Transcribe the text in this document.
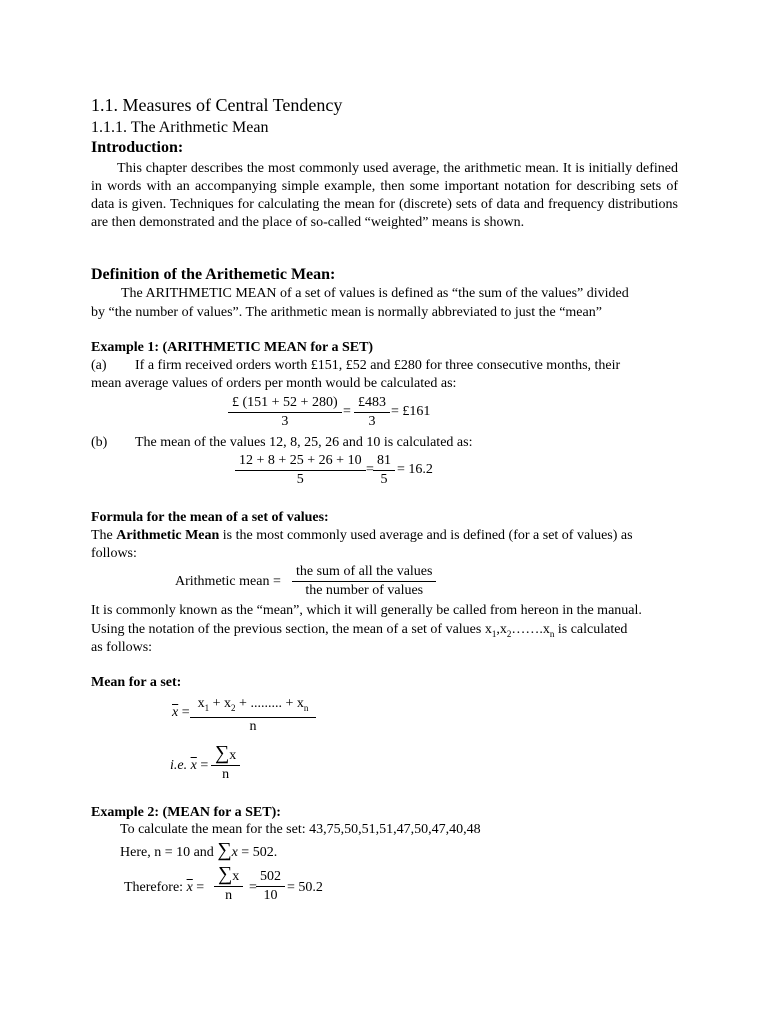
1.1. Measures of Central Tendency
1.1.1. The Arithmetic Mean
Introduction:
This chapter describes the most commonly used average, the arithmetic mean. It is initially defined in words with an accompanying simple example, then some important notation for describing sets of data is given. Techniques for calculating the mean for (discrete) sets of data and frequency distributions are then demonstrated and the place of so-called “weighted” means is shown.
Definition of the Arithemetic Mean:
The ARITHMETIC MEAN of a set of values is defined as “the sum of the values” divided
by “the number of values”. The arithmetic mean is normally abbreviated to just the “mean”
Example 1: (ARITHMETIC MEAN for a SET)
(a) If a firm received orders worth £151, £52 and £280 for three consecutive months, their
mean average values of orders per month would be calculated as:
$\frac{£ (151 + 52 + 280)}{3} = \frac{£483}{3}$ = £161
(b) The mean of the values 12, 8, 25, 26 and 10 is calculated as:
$\frac{12 + 8 + 25 + 26 + 10}{5} = \frac{81}{5} = 16.2$
Formula for the mean of a set of values:
The Arithmetic Mean is the most commonly used average and is defined (for a set of values) as
follows:
Arithmetic mean =
the sum of all the values
the number of values
It is commonly known as the “mean”, which it will generally be called from hereon in the manual.
Using the notation of the previous section, the mean of a set of values $x_1,x_2\dots\dots.x_n$ is calculated
as follows:
Mean for a set:
$\overline{x} = \frac{x_1 + x_2 + ......... + x_n}{n}$
i.e. $\overline{x} = \frac{\sum x}{n}$
Example 2: (MEAN for a SET):
To calculate the mean for the set: 43,75,50,51,51,47,50,47,40,48
Here, n = 10 and ∑x = 502.
Therefore: $\overline{x} = \frac{\sum x}{n} = \frac{502}{10} = 50.2$
